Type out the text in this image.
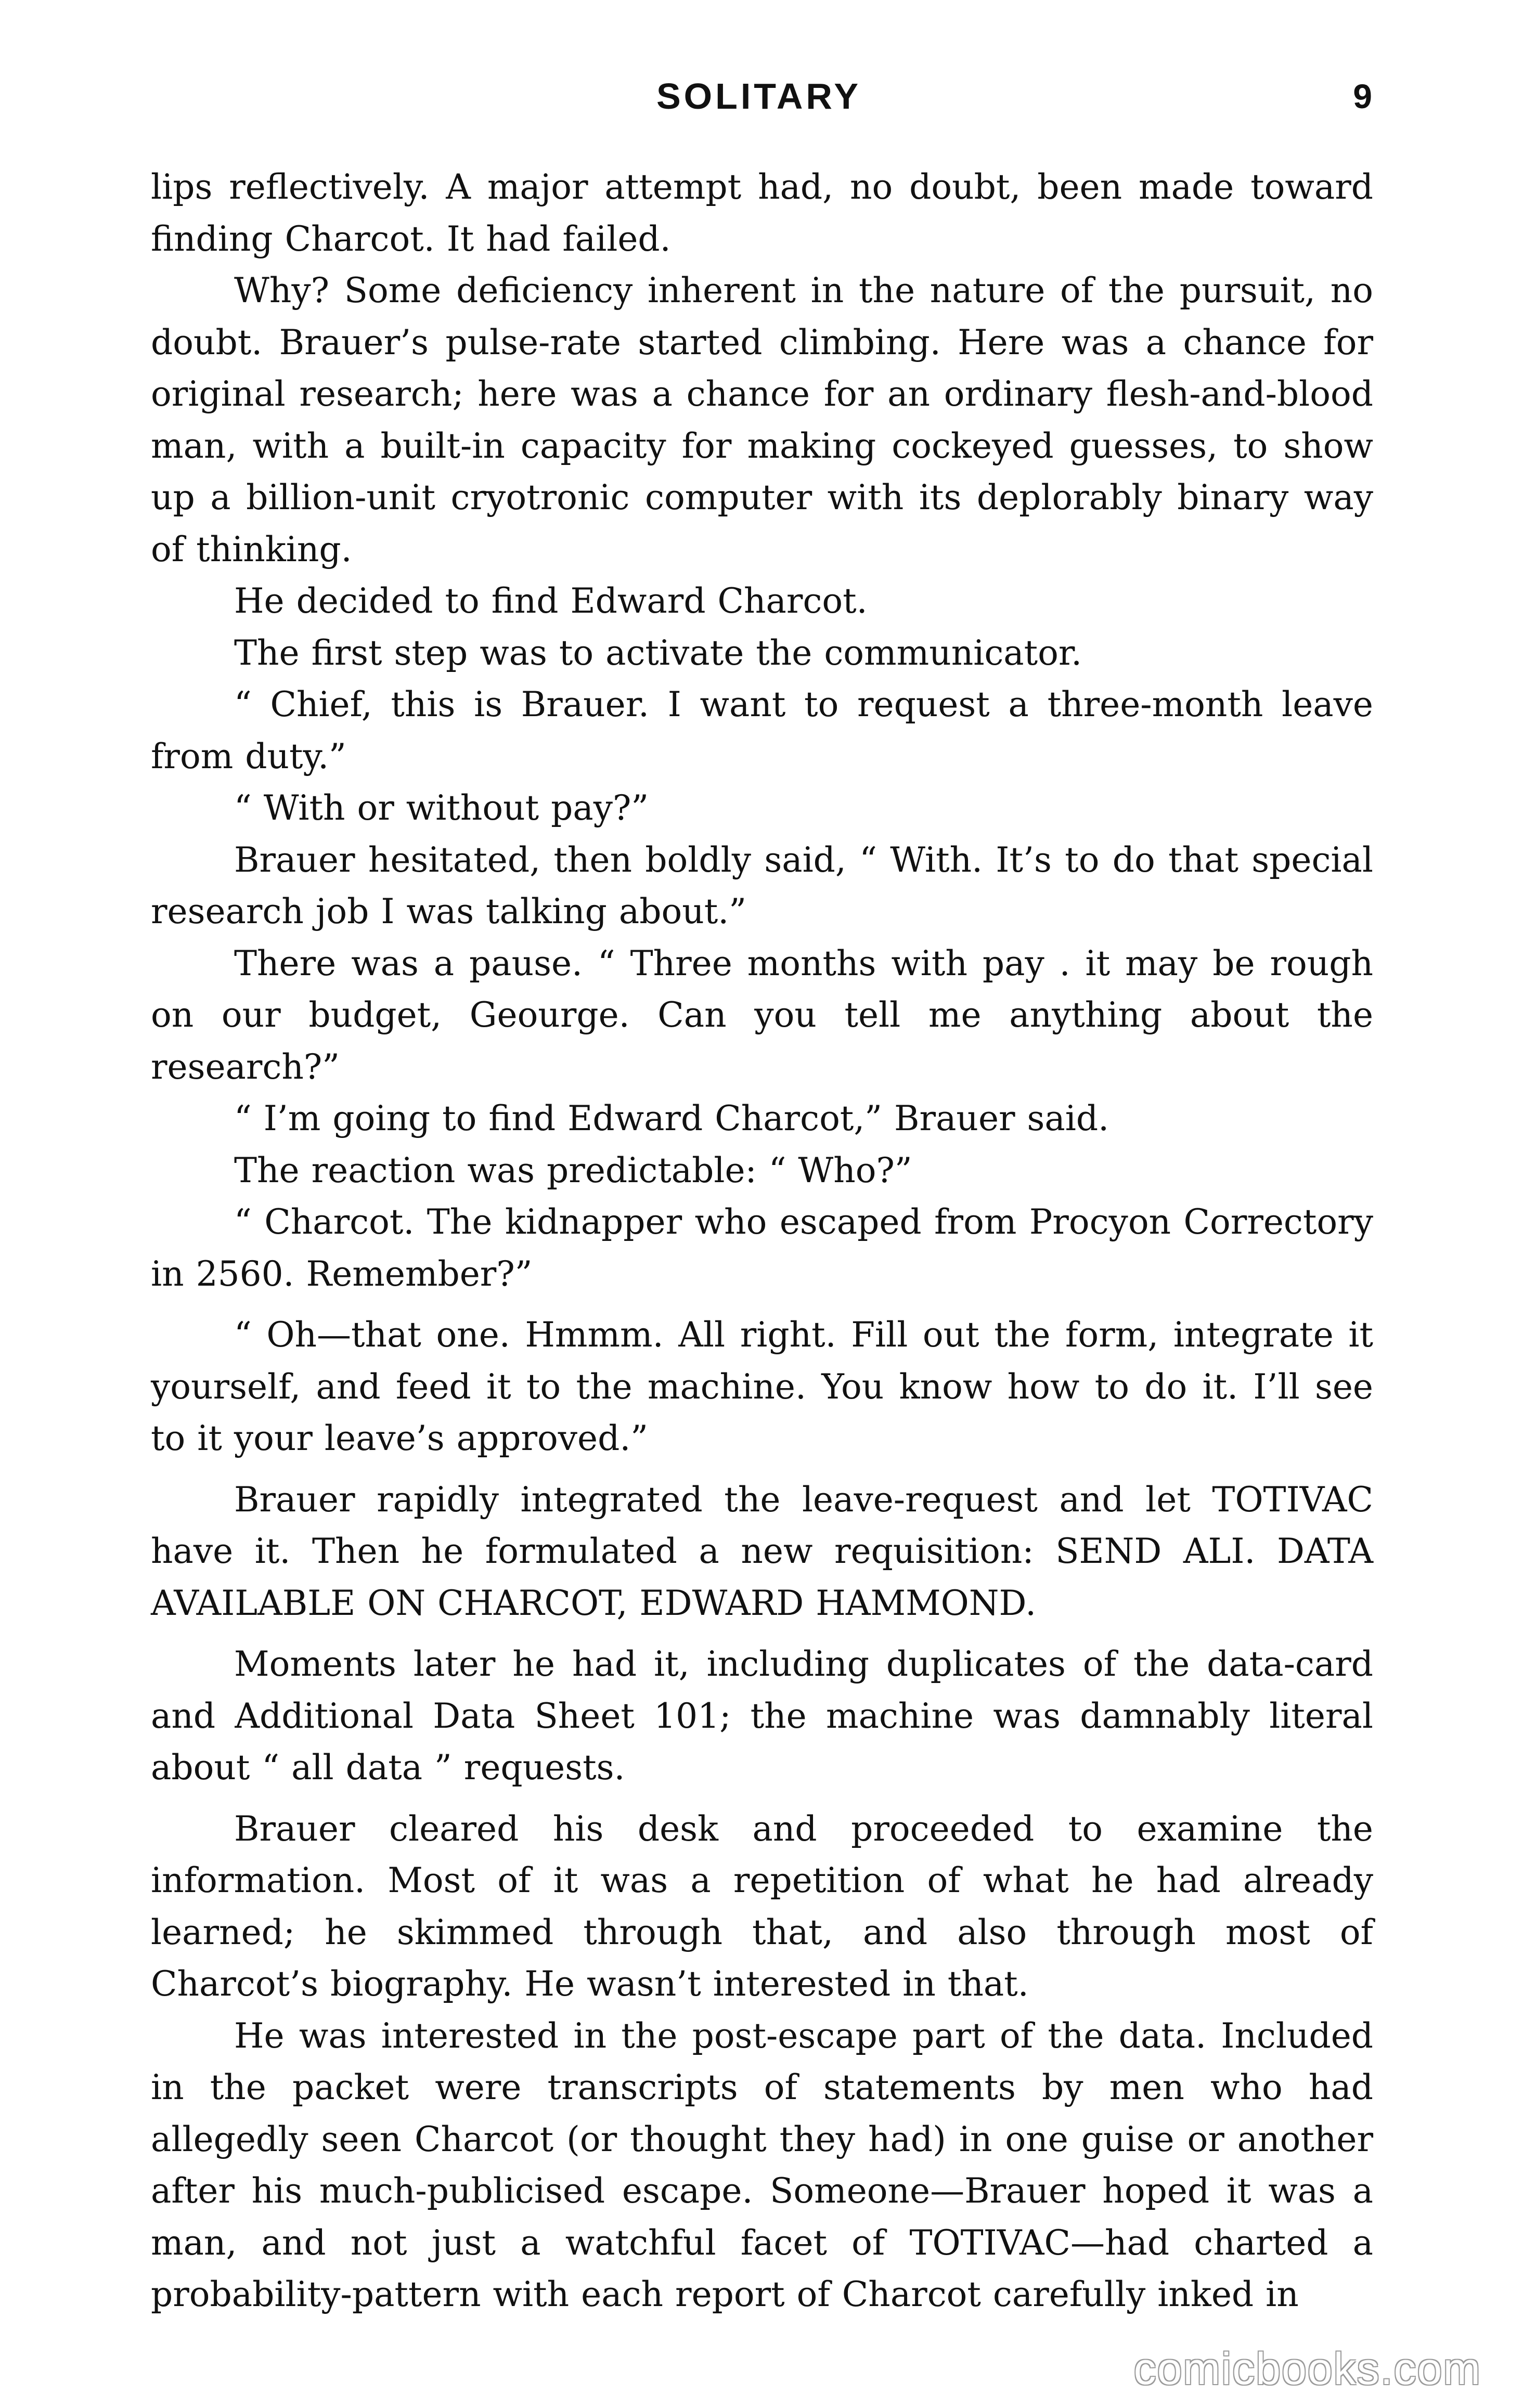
SOLITARY	9

lips reflectively. A major attempt had, no doubt, been made toward finding Charcot. It had failed.

Why? Some deficiency inherent in the nature of the pursuit, no doubt. Brauer’s pulse-rate started climbing. Here was a chance for original research; here was a chance for an ordinary flesh-and-blood man, with a built-in capacity for making cockeyed guesses, to show up a billion-unit cryotronic computer with its deplorably binary way of thinking.

He decided to find Edward Charcot.

The first step was to activate the communicator.

“ Chief, this is Brauer. I want to request a three-month leave from duty.”

“ With or without pay?”

Brauer hesitated, then boldly said, “ With. It’s to do that special research job I was talking about.”

There was a pause. “ Three months with pay . it may be rough on our budget, Geourge. Can you tell me anything about the research?”

“ I’m going to find Edward Charcot,” Brauer said.

The reaction was predictable: “ Who?”

“ Charcot. The kidnapper who escaped from Procyon Correctory in 2560. Remember?”

“ Oh—that one. Hmmm. All right. Fill out the form, integrate it yourself, and feed it to the machine. You know how to do it. I’ll see to it your leave’s approved.”

Brauer rapidly integrated the leave-request and let TOTIVAC have it. Then he formulated a new requisition: SEND ALI. DATA AVAILABLE ON CHARCOT, EDWARD HAMMOND.

Moments later he had it, including duplicates of the data-card and Additional Data Sheet 101; the machine was damnably literal about “ all data ” requests.

Brauer cleared his desk and proceeded to examine the information. Most of it was a repetition of what he had already learned; he skimmed through that, and also through most of Charcot’s biography. He wasn’t interested in that.

He was interested in the post-escape part of the data. Included in the packet were transcripts of statements by men who had allegedly seen Charcot (or thought they had) in one guise or another after his much-publicised escape. Someone—Brauer hoped it was a man, and not just a watchful facet of TOTIVAC—had charted a probability-pattern with each report of Charcot carefully inked in

comicbooks.com
